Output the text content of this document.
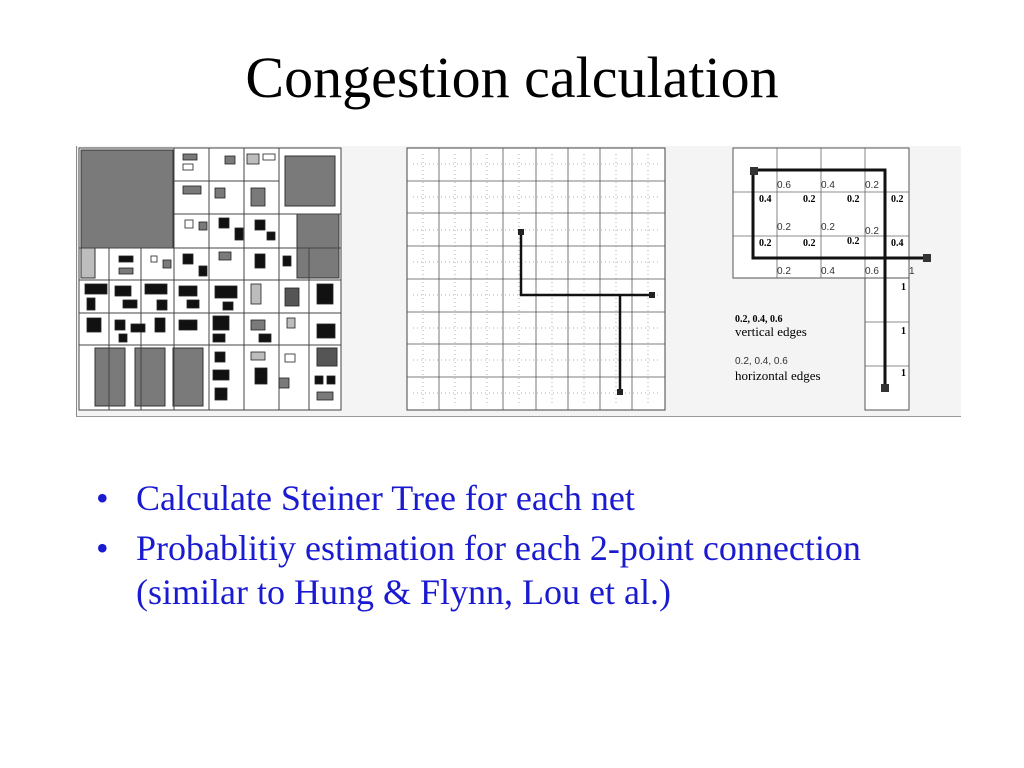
Congestion calculation
0.6	0.4	0.2
0.4	0.2	0.2	0.2
0.2	0.2	0.2
0.2	0.2	0.2	0.4
0.2	0.4	0.6	1
1
1
1
0.2, 0.4, 0.6
vertical edges
0.2, 0.4, 0.6
horizontal edges
• Calculate Steiner Tree for each net
• Probablitiy estimation for each 2-point connection (similar to Hung & Flynn, Lou et al.)
